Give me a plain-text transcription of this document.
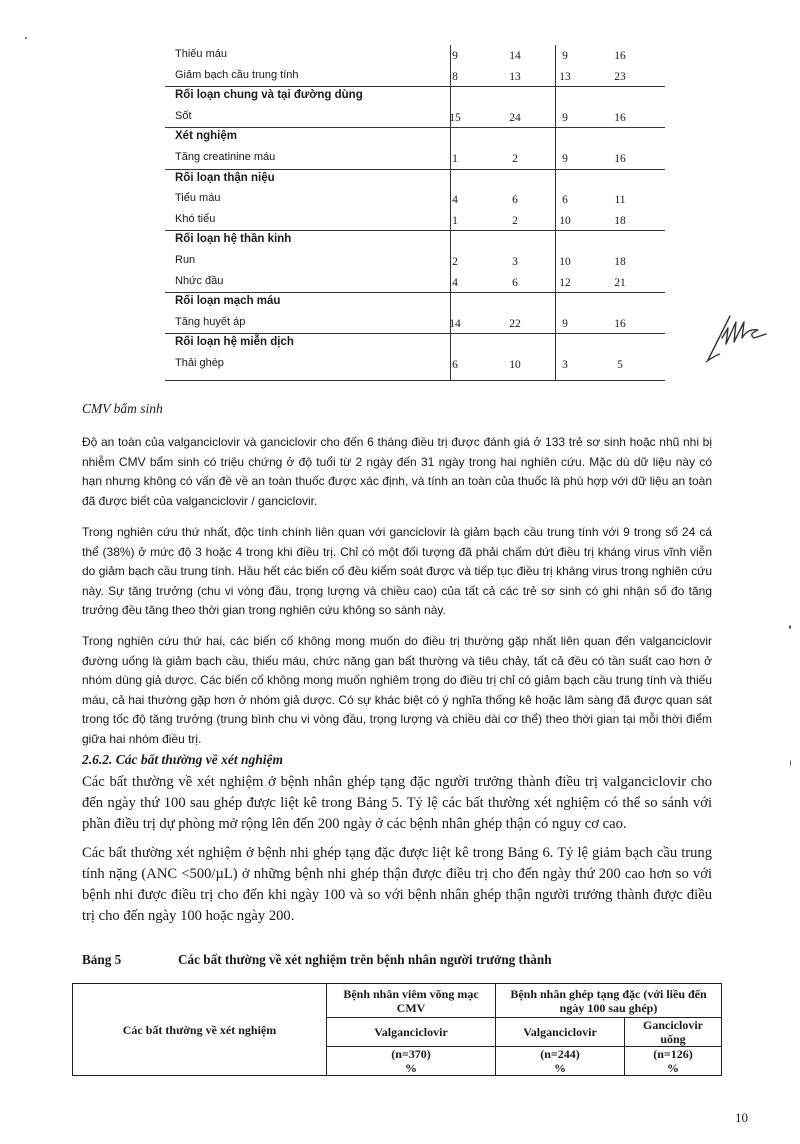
Thiếu máu	9	14	9	16
Giảm bạch cầu trung tính	8	13	13	23
Rối loạn chung và tại đường dùng
Sốt	15	24	9	16
Xét nghiệm
Tăng creatinine máu	1	2	9	16
Rối loạn thận niệu
Tiểu máu	4	6	6	11
Khó tiểu	1	2	10	18
Rối loạn hệ thần kinh
Run	2	3	10	18
Nhức đầu	4	6	12	21
Rối loạn mạch máu
Tăng huyết áp	14	22	9	16
Rối loạn hệ miễn dịch
Thải ghép	6	10	3	5
CMV bẩm sinh
Độ an toàn của valganciclovir và ganciclovir cho đến 6 tháng điều trị được đánh giá ở 133 trẻ sơ sinh hoặc nhũ nhi bị nhiễm CMV bẩm sinh có triệu chứng ở độ tuổi từ 2 ngày đến 31 ngày trong hai nghiên cứu. Mặc dù dữ liệu này có hạn nhưng không có vấn đề về an toàn thuốc được xác định, và tính an toàn của thuốc là phù hợp với dữ liệu an toàn đã được biết của valganciclovir / ganciclovir.
Trong nghiên cứu thứ nhất, độc tính chính liên quan với ganciclovir là giảm bạch cầu trung tính với 9 trong số 24 cá thể (38%) ở mức độ 3 hoặc 4 trong khi điều trị. Chỉ có một đối tượng đã phải chấm dứt điều trị kháng virus vĩnh viễn do giảm bạch cầu trung tính. Hầu hết các biến cố đều kiểm soát được và tiếp tục điều trị kháng virus trong nghiên cứu này. Sự tăng trưởng (chu vi vòng đầu, trọng lượng và chiều cao) của tất cả các trẻ sơ sinh có ghi nhận số đo tăng trưởng đều tăng theo thời gian trong nghiên cứu không so sánh này.
Trong nghiên cứu thứ hai, các biến cố không mong muốn do điều trị thường gặp nhất liên quan đến valganciclovir đường uống là giảm bạch cầu, thiếu máu, chức năng gan bất thường và tiêu chảy, tất cả đều có tần suất cao hơn ở nhóm dùng giả dược. Các biến cố không mong muốn nghiêm trọng do điều trị chỉ có giảm bạch cầu trung tính và thiếu máu, cả hai thường gặp hơn ở nhóm giả dược. Có sự khác biệt có ý nghĩa thống kê hoặc lâm sàng đã được quan sát trong tốc độ tăng trưởng (trung bình chu vi vòng đầu, trọng lượng và chiều dài cơ thể) theo thời gian tại mỗi thời điểm giữa hai nhóm điều trị.
2.6.2. Các bất thường về xét nghiệm
Các bất thường về xét nghiệm ở bệnh nhân ghép tạng đặc người trưởng thành điều trị valganciclovir cho đến ngày thứ 100 sau ghép được liệt kê trong Bảng 5. Tỷ lệ các bất thường xét nghiệm có thể so sánh với phần điều trị dự phòng mở rộng lên đến 200 ngày ở các bệnh nhân ghép thận có nguy cơ cao.
Các bất thường xét nghiệm ở bệnh nhi ghép tạng đặc được liệt kê trong Bảng 6. Tỷ lệ giảm bạch cầu trung tính nặng (ANC <500/µL) ở những bệnh nhi ghép thận được điều trị cho đến ngày thứ 200 cao hơn so với bệnh nhi được điều trị cho đến khi ngày 100 và so với bệnh nhân ghép thận người trưởng thành được điều trị cho đến ngày 100 hoặc ngày 200.
Bảng 5	Các bất thường về xét nghiệm trên bệnh nhân người trưởng thành
Các bất thường về xét nghiệm	Bệnh nhân viêm võng mạc CMV	Bệnh nhân ghép tạng đặc (với liều đến ngày 100 sau ghép)	
	Valganciclovir	Valganciclovir	Ganciclovir uống
	(n=370)	(n=244)	(n=126)
	%	%	%
10
